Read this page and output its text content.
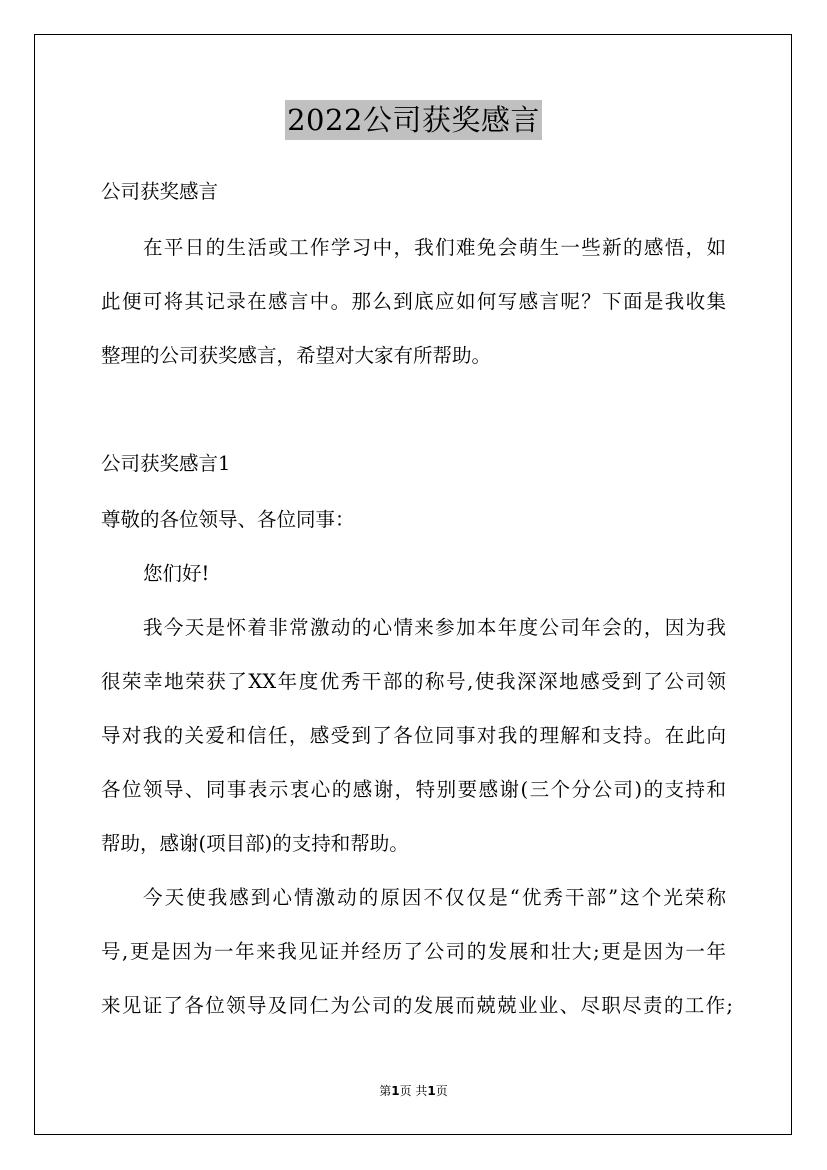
2022公司获奖感言
公司获奖感言
在平日的生活或工作学习中，我们难免会萌生一些新的感悟，如
此便可将其记录在感言中。那么到底应如何写感言呢？下面是我收集
整理的公司获奖感言，希望对大家有所帮助。
公司获奖感言1
尊敬的各位领导、各位同事：
您们好!
我今天是怀着非常激动的心情来参加本年度公司年会的，因为我
很荣幸地荣获了XX年度优秀干部的称号,使我深深地感受到了公司领
导对我的关爱和信任，感受到了各位同事对我的理解和支持。在此向
各位领导、同事表示衷心的感谢，特别要感谢(三个分公司)的支持和
帮助，感谢(项目部)的支持和帮助。
今天使我感到心情激动的原因不仅仅是“优秀干部”这个光荣称
号,更是因为一年来我见证并经历了公司的发展和壮大;更是因为一年
来见证了各位领导及同仁为公司的发展而兢兢业业、尽职尽责的工作;
第1页 共1页
